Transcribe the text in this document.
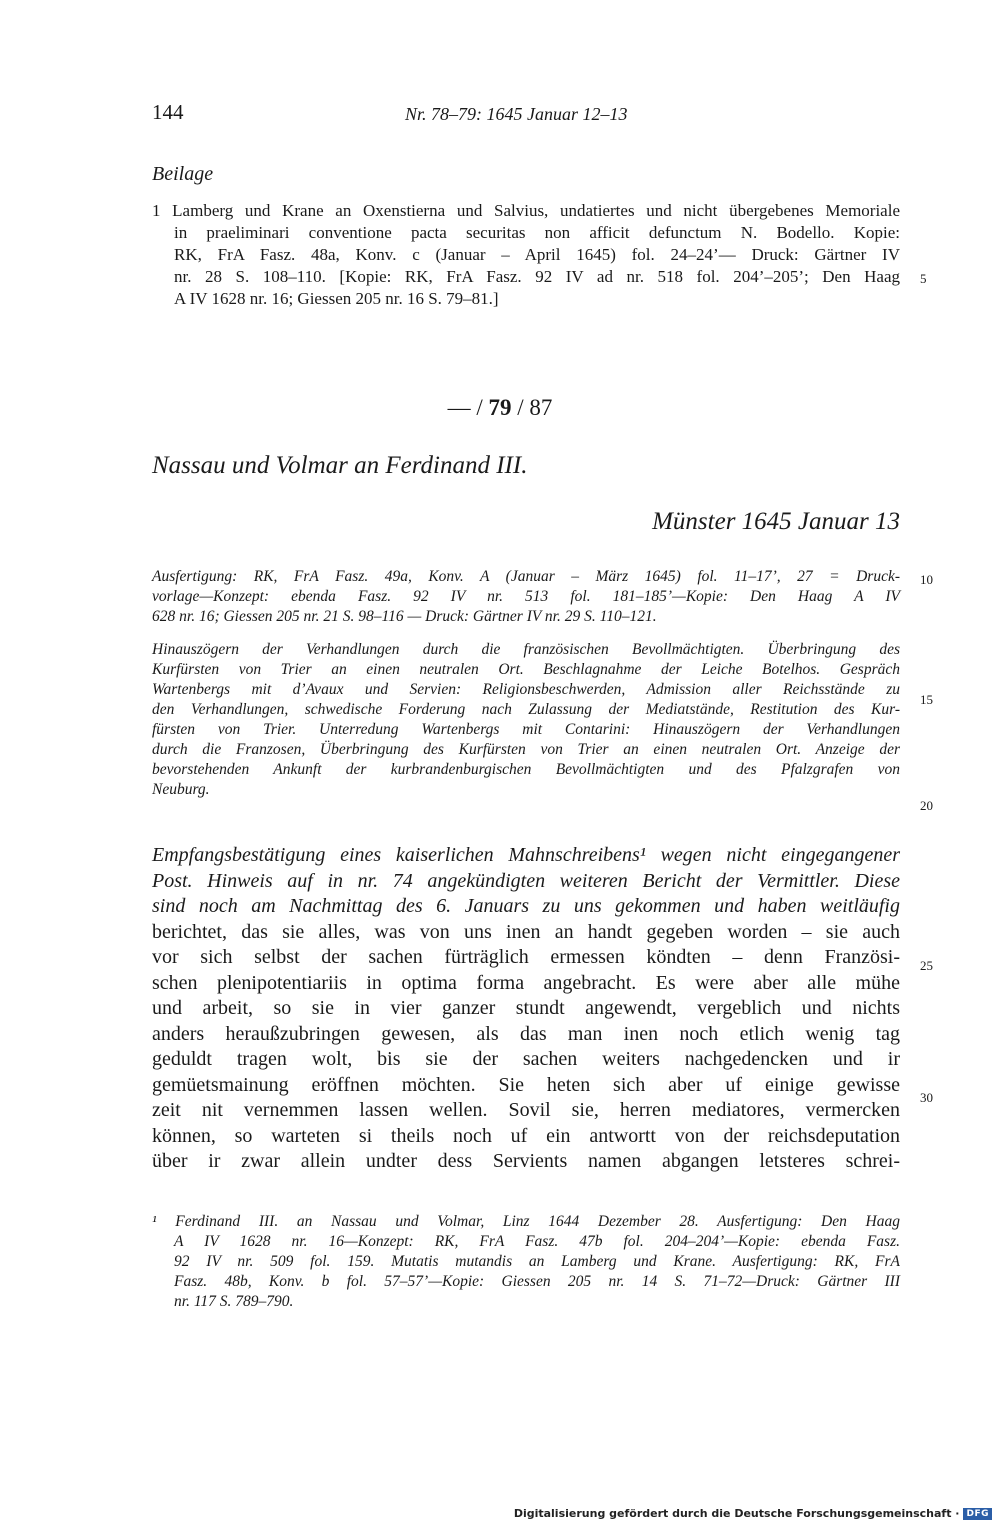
144	Nr. 78–79: 1645 Januar 12–13
Beilage
1 Lamberg und Krane an Oxenstierna und Salvius, undatiertes und nicht übergebenes Memoriale
in praeliminari conventione pacta securitas non afficit defunctum N. Bodello. Kopie:
RK, FrA Fasz. 48a, Konv. c (Januar – April 1645) fol. 24–24’— Druck: Gärtner IV
nr. 28 S. 108–110. [Kopie: RK, FrA Fasz. 92 IV ad nr. 518 fol. 204’–205’; Den Haag
A IV 1628 nr. 16; Giessen 205 nr. 16 S. 79–81.]
5
— / 79 / 87
Nassau und Volmar an Ferdinand III.
Münster 1645 Januar 13
Ausfertigung: RK, FrA Fasz. 49a, Konv. A (Januar – März 1645) fol. 11–17’, 27 = Druck-
vorlage—Konzept: ebenda Fasz. 92 IV nr. 513 fol. 181–185’—Kopie: Den Haag A IV
628 nr. 16; Giessen 205 nr. 21 S. 98–116 — Druck: Gärtner IV nr. 29 S. 110–121.
10
Hinauszögern der Verhandlungen durch die französischen Bevollmächtigten. Überbringung des
Kurfürsten von Trier an einen neutralen Ort. Beschlagnahme der Leiche Botelhos. Gespräch
Wartenbergs mit d’Avaux und Servien: Religionsbeschwerden, Admission aller Reichsstände zu
den Verhandlungen, schwedische Forderung nach Zulassung der Mediatstände, Restitution des Kur-
fürsten von Trier. Unterredung Wartenbergs mit Contarini: Hinauszögern der Verhandlungen
durch die Franzosen, Überbringung des Kurfürsten von Trier an einen neutralen Ort. Anzeige der
bevorstehenden Ankunft der kurbrandenburgischen Bevollmächtigten und des Pfalzgrafen von
Neuburg.
15
20
Empfangsbestätigung eines kaiserlichen Mahnschreibens¹ wegen nicht eingegangener
Post. Hinweis auf in nr. 74 angekündigten weiteren Bericht der Vermittler. Diese
sind noch am Nachmittag des 6. Januars zu uns gekommen und haben weitläufig
berichtet, das sie alles, was von uns inen an handt gegeben worden – sie auch
vor sich selbst der sachen fürträglich ermessen köndten – denn Französi-
schen plenipotentiariis in optima forma angebracht. Es were aber alle mühe
und arbeit, so sie in vier ganzer stundt angewendt, vergeblich und nichts
anders heraußzubringen gewesen, als das man inen noch etlich wenig tag
geduldt tragen wolt, bis sie der sachen weiters nachgedencken und ir
gemüetsmainung eröffnen möchten. Sie heten sich aber uf einige gewisse
zeit nit vernemmen lassen wellen. Sovil sie, herren mediatores, vermercken
können, so warteten si theils noch uf ein antwortt von der reichsdeputation
über ir zwar allein undter dess Servients namen abgangen letsteres schrei-
25
30
¹ Ferdinand III. an Nassau und Volmar, Linz 1644 Dezember 28. Ausfertigung: Den Haag
A IV 1628 nr. 16—Konzept: RK, FrA Fasz. 47b fol. 204–204’—Kopie: ebenda Fasz.
92 IV nr. 509 fol. 159. Mutatis mutandis an Lamberg und Krane. Ausfertigung: RK, FrA
Fasz. 48b, Konv. b fol. 57–57’—Kopie: Giessen 205 nr. 14 S. 71–72—Druck: Gärtner III
nr. 117 S. 789–790.
Digitalisierung gefördert durch die Deutsche Forschungsgemeinschaft · DFG
